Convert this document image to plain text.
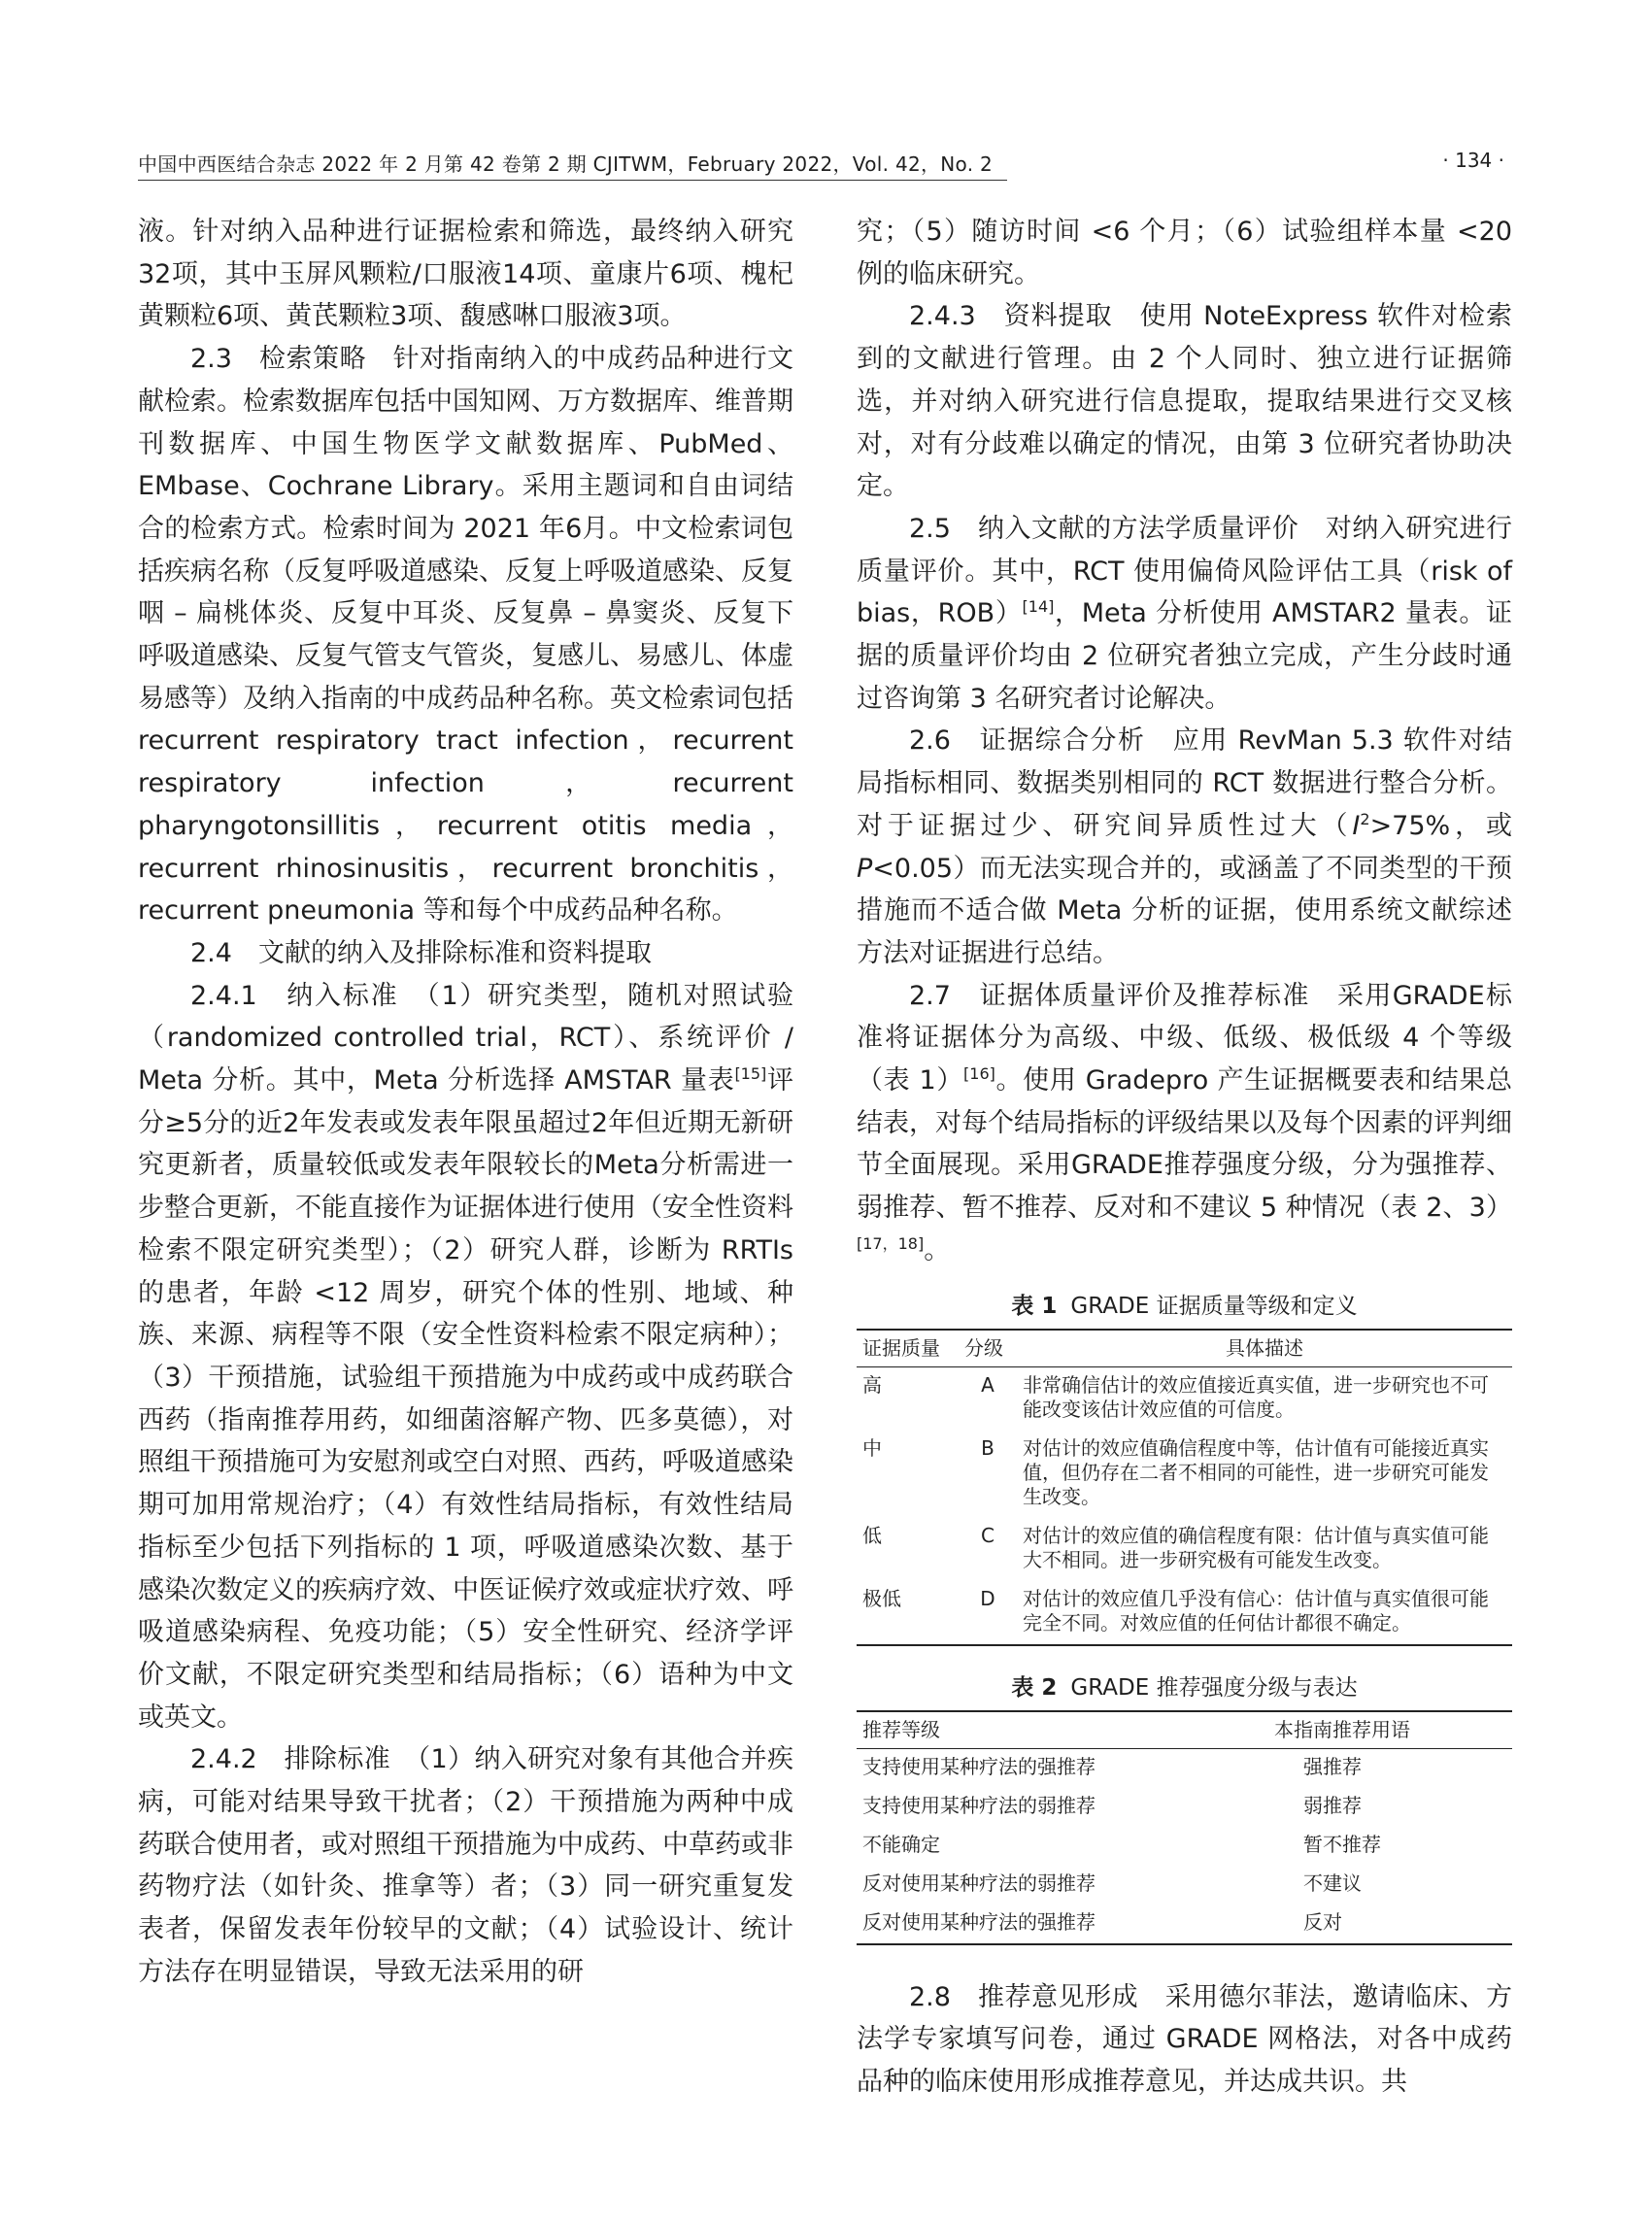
中国中西医结合杂志 2022 年 2 月第 42 卷第 2 期 CJITWM，February 2022，Vol. 42，No. 2	· 134 ·

液。针对纳入品种进行证据检索和筛选，最终纳入研究32项，其中玉屏风颗粒/口服液14项、童康片6项、槐杞黄颗粒6项、黄芪颗粒3项、馥感啉口服液3项。

2.3　检索策略　针对指南纳入的中成药品种进行文献检索。检索数据库包括中国知网、万方数据库、维普期刊数据库、中国生物医学文献数据库、PubMed、EMbase、Cochrane Library。采用主题词和自由词结合的检索方式。检索时间为 2021 年6月。中文检索词包括疾病名称（反复呼吸道感染、反复上呼吸道感染、反复咽 – 扁桃体炎、反复中耳炎、反复鼻 – 鼻窦炎、反复下呼吸道感染、反复气管支气管炎，复感儿、易感儿、体虚易感等）及纳入指南的中成药品种名称。英文检索词包括 recurrent respiratory tract infection，recurrent respiratory infection，recurrent pharyngotonsillitis，recurrent otitis media，recurrent rhinosinusitis，recurrent bronchitis，recurrent pneumonia 等和每个中成药品种名称。

2.4　文献的纳入及排除标准和资料提取

2.4.1　纳入标准　（1）研究类型，随机对照试验（randomized controlled trial，RCT）、系统评价 / Meta 分析。其中，Meta 分析选择 AMSTAR 量表[15]评分≥5分的近2年发表或发表年限虽超过2年但近期无新研究更新者，质量较低或发表年限较长的Meta分析需进一步整合更新，不能直接作为证据体进行使用（安全性资料检索不限定研究类型）；（2）研究人群，诊断为 RRTIs 的患者，年龄 <12 周岁，研究个体的性别、地域、种族、来源、病程等不限（安全性资料检索不限定病种）；（3）干预措施，试验组干预措施为中成药或中成药联合西药（指南推荐用药，如细菌溶解产物、匹多莫德），对照组干预措施可为安慰剂或空白对照、西药，呼吸道感染期可加用常规治疗；（4）有效性结局指标，有效性结局指标至少包括下列指标的 1 项，呼吸道感染次数、基于感染次数定义的疾病疗效、中医证候疗效或症状疗效、呼吸道感染病程、免疫功能；（5）安全性研究、经济学评价文献，不限定研究类型和结局指标；（6）语种为中文或英文。

2.4.2　排除标准　（1）纳入研究对象有其他合并疾病，可能对结果导致干扰者；（2）干预措施为两种中成药联合使用者，或对照组干预措施为中成药、中草药或非药物疗法（如针灸、推拿等）者；（3）同一研究重复发表者，保留发表年份较早的文献；（4）试验设计、统计方法存在明显错误，导致无法采用的研

究；（5）随访时间 <6 个月；（6）试验组样本量 <20 例的临床研究。

2.4.3　资料提取　使用 NoteExpress 软件对检索到的文献进行管理。由 2 个人同时、独立进行证据筛选，并对纳入研究进行信息提取，提取结果进行交叉核对，对有分歧难以确定的情况，由第 3 位研究者协助决定。

2.5　纳入文献的方法学质量评价　对纳入研究进行质量评价。其中，RCT 使用偏倚风险评估工具（risk of bias，ROB）[14]，Meta 分析使用 AMSTAR2 量表。证据的质量评价均由 2 位研究者独立完成，产生分歧时通过咨询第 3 名研究者讨论解决。

2.6　证据综合分析　应用 RevMan 5.3 软件对结局指标相同、数据类别相同的 RCT 数据进行整合分析。对于证据过少、研究间异质性过大（$I^2>75\%$，或 P<0.05）而无法实现合并的，或涵盖了不同类型的干预措施而不适合做 Meta 分析的证据，使用系统文献综述方法对证据进行总结。

2.7　证据体质量评价及推荐标准　采用GRADE标准将证据体分为高级、中级、低级、极低级 4 个等级（表 1）[16]。使用 Gradepro 产生证据概要表和结果总结表，对每个结局指标的评级结果以及每个因素的评判细节全面展现。采用GRADE推荐强度分级，分为强推荐、弱推荐、暂不推荐、反对和不建议 5 种情况（表 2、3）[17，18]。

表 1 GRADE 证据质量等级和定义
证据质量	分级	具体描述
高	A	非常确信估计的效应值接近真实值，进一步研究也不可能改变该估计效应值的可信度。
中	B	对估计的效应值确信程度中等，估计值有可能接近真实值，但仍存在二者不相同的可能性，进一步研究可能发生改变。
低	C	对估计的效应值的确信程度有限：估计值与真实值可能大不相同。进一步研究极有可能发生改变。
极低	D	对估计的效应值几乎没有信心：估计值与真实值很可能完全不同。对效应值的任何估计都很不确定。
表 2 GRADE 推荐强度分级与表达
推荐等级	本指南推荐用语
支持使用某种疗法的强推荐	强推荐
支持使用某种疗法的弱推荐	弱推荐
不能确定	暂不推荐
反对使用某种疗法的弱推荐	不建议
反对使用某种疗法的强推荐	反对

2.8　推荐意见形成　采用德尔菲法，邀请临床、方法学专家填写问卷，通过 GRADE 网格法，对各中成药品种的临床使用形成推荐意见，并达成共识。共
